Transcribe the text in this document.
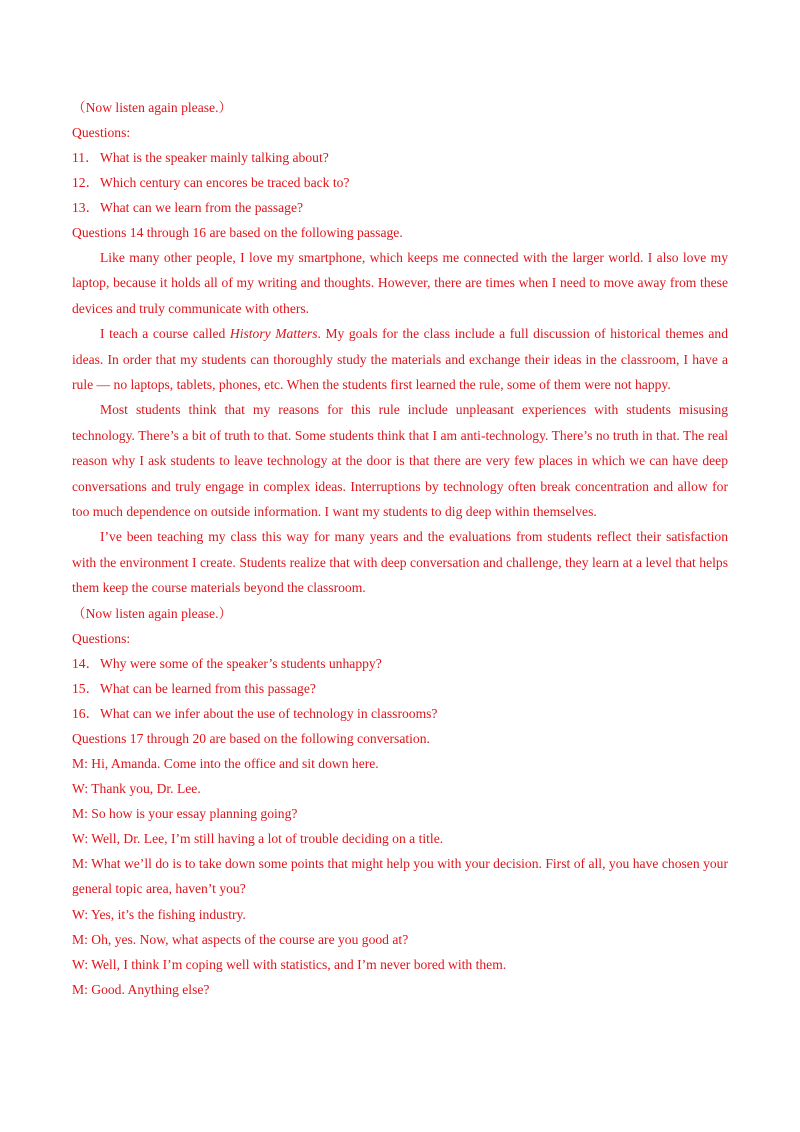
（Now listen again please.）
Questions:
11．What is the speaker mainly talking about?
12．Which century can encores be traced back to?
13．What can we learn from the passage?
Questions 14 through 16 are based on the following passage.
Like many other people, I love my smartphone, which keeps me connected with the larger world. I also love my laptop, because it holds all of my writing and thoughts. However, there are times when I need to move away from these devices and truly communicate with others.
I teach a course called History Matters. My goals for the class include a full discussion of historical themes and ideas. In order that my students can thoroughly study the materials and exchange their ideas in the classroom, I have a rule — no laptops, tablets, phones, etc. When the students first learned the rule, some of them were not happy.
Most students think that my reasons for this rule include unpleasant experiences with students misusing technology. There’s a bit of truth to that. Some students think that I am anti-technology. There’s no truth in that. The real reason why I ask students to leave technology at the door is that there are very few places in which we can have deep conversations and truly engage in complex ideas. Interruptions by technology often break concentration and allow for too much dependence on outside information. I want my students to dig deep within themselves.
I’ve been teaching my class this way for many years and the evaluations from students reflect their satisfaction with the environment I create. Students realize that with deep conversation and challenge, they learn at a level that helps them keep the course materials beyond the classroom.
（Now listen again please.）
Questions:
14．Why were some of the speaker’s students unhappy?
15．What can be learned from this passage?
16．What can we infer about the use of technology in classrooms?
Questions 17 through 20 are based on the following conversation.
M: Hi, Amanda. Come into the office and sit down here.
W: Thank you, Dr. Lee.
M: So how is your essay planning going?
W: Well, Dr. Lee, I’m still having a lot of trouble deciding on a title.
M: What we’ll do is to take down some points that might help you with your decision. First of all, you have chosen your general topic area, haven’t you?
W: Yes, it’s the fishing industry.
M: Oh, yes. Now, what aspects of the course are you good at?
W: Well, I think I’m coping well with statistics, and I’m never bored with them.
M: Good. Anything else?
